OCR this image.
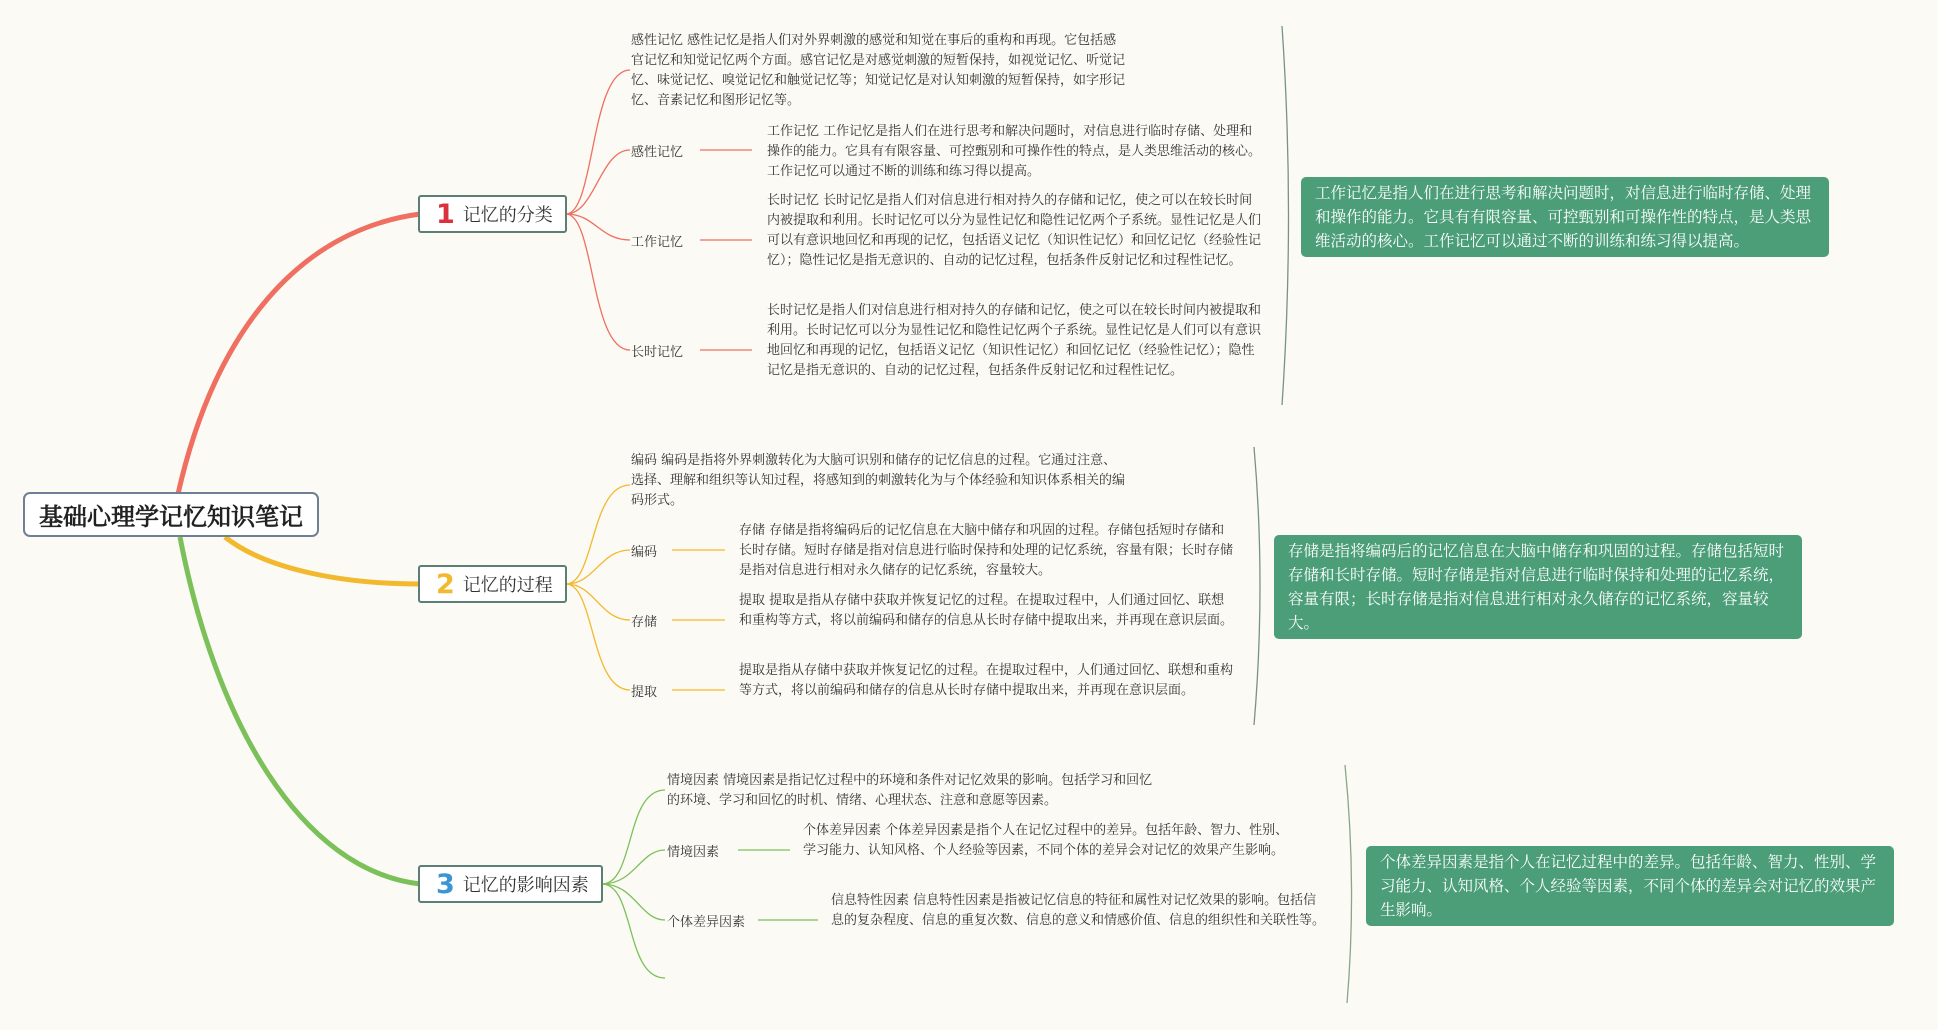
基础心理学记忆知识笔记
1 记忆的分类
感性记忆 感性记忆是指人们对外界刺激的感觉和知觉在事后的重构和再现。它包括感官记忆和知觉记忆两个方面。感官记忆是对感觉刺激的短暂保持，如视觉记忆、听觉记忆、味觉记忆、嗅觉记忆和触觉记忆等；知觉记忆是对认知刺激的短暂保持，如字形记忆、音素记忆和图形记忆等。
感性记忆
工作记忆 工作记忆是指人们在进行思考和解决问题时，对信息进行临时存储、处理和操作的能力。它具有有限容量、可控甄别和可操作性的特点，是人类思维活动的核心。工作记忆可以通过不断的训练和练习得以提高。
工作记忆
长时记忆 长时记忆是指人们对信息进行相对持久的存储和记忆，使之可以在较长时间内被提取和利用。长时记忆可以分为显性记忆和隐性记忆两个子系统。显性记忆是人们可以有意识地回忆和再现的记忆，包括语义记忆（知识性记忆）和回忆记忆（经验性记忆）；隐性记忆是指无意识的、自动的记忆过程，包括条件反射记忆和过程性记忆。
长时记忆
长时记忆是指人们对信息进行相对持久的存储和记忆，使之可以在较长时间内被提取和利用。长时记忆可以分为显性记忆和隐性记忆两个子系统。显性记忆是人们可以有意识地回忆和再现的记忆，包括语义记忆（知识性记忆）和回忆记忆（经验性记忆）；隐性记忆是指无意识的、自动的记忆过程，包括条件反射记忆和过程性记忆。
工作记忆是指人们在进行思考和解决问题时，对信息进行临时存储、处理和操作的能力。它具有有限容量、可控甄别和可操作性的特点，是人类思维活动的核心。工作记忆可以通过不断的训练和练习得以提高。
2 记忆的过程
编码 编码是指将外界刺激转化为大脑可识别和储存的记忆信息的过程。它通过注意、选择、理解和组织等认知过程，将感知到的刺激转化为与个体经验和知识体系相关的编码形式。
编码
存储 存储是指将编码后的记忆信息在大脑中储存和巩固的过程。存储包括短时存储和长时存储。短时存储是指对信息进行临时保持和处理的记忆系统，容量有限；长时存储是指对信息进行相对永久储存的记忆系统，容量较大。
存储
提取 提取是指从存储中获取并恢复记忆的过程。在提取过程中，人们通过回忆、联想和重构等方式，将以前编码和储存的信息从长时存储中提取出来，并再现在意识层面。
提取
提取是指从存储中获取并恢复记忆的过程。在提取过程中，人们通过回忆、联想和重构等方式，将以前编码和储存的信息从长时存储中提取出来，并再现在意识层面。
存储是指将编码后的记忆信息在大脑中储存和巩固的过程。存储包括短时存储和长时存储。短时存储是指对信息进行临时保持和处理的记忆系统，容量有限；长时存储是指对信息进行相对永久储存的记忆系统，容量较大。
3 记忆的影响因素
情境因素 情境因素是指记忆过程中的环境和条件对记忆效果的影响。包括学习和回忆的环境、学习和回忆的时机、情绪、心理状态、注意和意愿等因素。
情境因素
个体差异因素 个体差异因素是指个人在记忆过程中的差异。包括年龄、智力、性别、学习能力、认知风格、个人经验等因素，不同个体的差异会对记忆的效果产生影响。
个体差异因素
信息特性因素 信息特性因素是指被记忆信息的特征和属性对记忆效果的影响。包括信息的复杂程度、信息的重复次数、信息的意义和情感价值、信息的组织性和关联性等。
个体差异因素是指个人在记忆过程中的差异。包括年龄、智力、性别、学习能力、认知风格、个人经验等因素，不同个体的差异会对记忆的效果产生影响。
